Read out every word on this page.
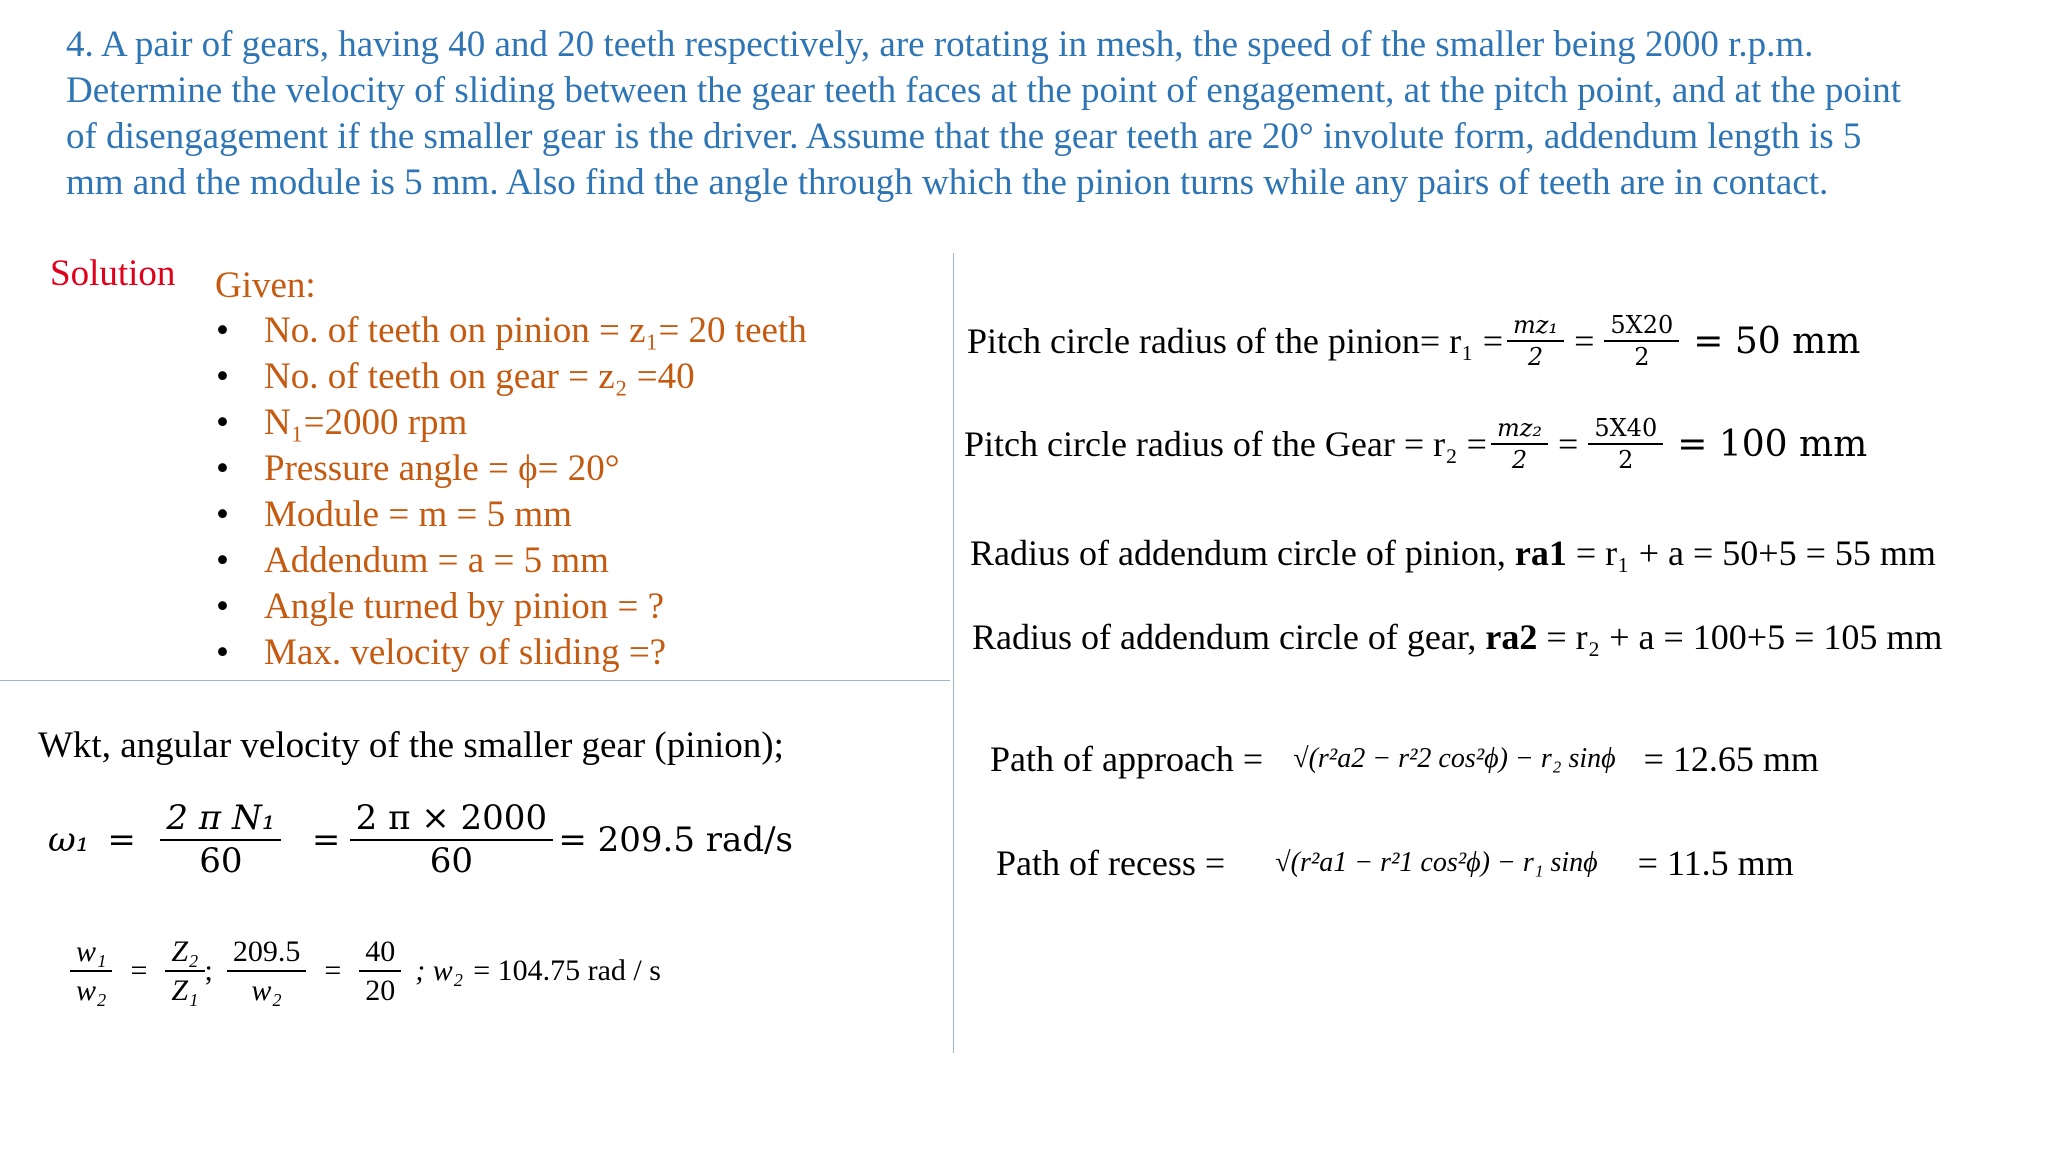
4. A pair of gears, having 40 and 20 teeth respectively, are rotating in mesh, the speed of the smaller being 2000 r.p.m.
Determine the velocity of sliding between the gear teeth faces at the point of engagement, at the pitch point, and at the point
of disengagement if the smaller gear is the driver. Assume that the gear teeth are 20° involute form, addendum length is 5
mm and the module is 5 mm. Also find the angle through which the pinion turns while any pairs of teeth are in contact.
Solution Given:
• No. of teeth on pinion = z₁= 20 teeth
• No. of teeth on gear = z₂ =40
• N₁=2000 rpm
• Pressure angle = ϕ= 20°
• Module = m = 5 mm
• Addendum = a = 5 mm
• Angle turned by pinion = ?
• Max. velocity of sliding =?
Wkt, angular velocity of the smaller gear (pinion);
$\omega_1 = \frac{\text{2 π N₁}}{60} = \frac{2 \pi \times 2000}{60} = 209.5$ rad/s
$\frac{\text{w₁}}{\text{w₂}} = \frac{\text{Z₂}}{\text{Z₁}}$ ; $\frac{209.5}{\text{w₂}} = \frac{40}{20}$ ; w₂ = 104.75 rad / s
Pitch circle radius of the pinion= $r_1 = \frac{\text{mz₁}}{2} = \frac{5X20}{2} = 50$ mm
Pitch circle radius of the Gear = $r_2 = \frac{\text{mz₂}}{2} = \frac{5X40}{2} = 100$ mm
Radius of addendum circle of pinion, ra1 = r₁ + a = 50+5 = 55 mm
Radius of addendum circle of gear, ra2 = r₂ + a = 100+5 = 105 mm
Path of approach = √(r²a2 − r²2 cos²ϕ) − r₂ sinϕ = 12.65 mm
Path of recess = √(r²a1 − r²1 cos²ϕ) − r₁ sinϕ = 11.5 mm
